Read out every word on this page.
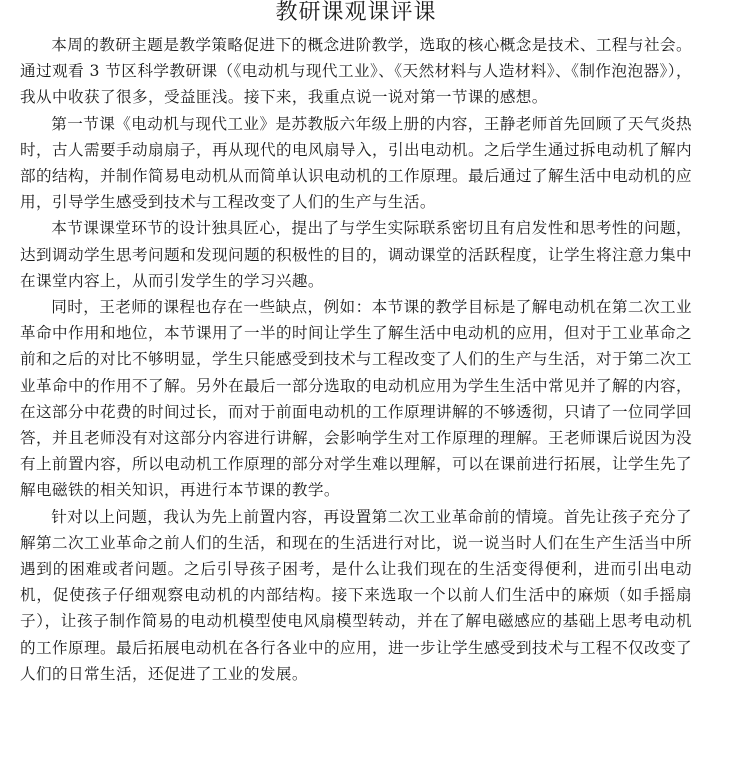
教研课观课评课

本周的教研主题是教学策略促进下的概念进阶教学，选取的核心概念是技术、工程与社会。通过观看 3 节区科学教研课（《电动机与现代工业》、《天然材料与人造材料》、《制作泡泡器》），我从中收获了很多，受益匪浅。接下来，我重点说一说对第一节课的感想。

第一节课《电动机与现代工业》是苏教版六年级上册的内容，王静老师首先回顾了天气炎热时，古人需要手动扇扇子，再从现代的电风扇导入，引出电动机。之后学生通过拆电动机了解内部的结构，并制作简易电动机从而简单认识电动机的工作原理。最后通过了解生活中电动机的应用，引导学生感受到技术与工程改变了人们的生产与生活。

本节课课堂环节的设计独具匠心，提出了与学生实际联系密切且有启发性和思考性的问题，达到调动学生思考问题和发现问题的积极性的目的，调动课堂的活跃程度，让学生将注意力集中在课堂内容上，从而引发学生的学习兴趣。

同时，王老师的课程也存在一些缺点，例如：本节课的教学目标是了解电动机在第二次工业革命中作用和地位，本节课用了一半的时间让学生了解生活中电动机的应用，但对于工业革命之前和之后的对比不够明显，学生只能感受到技术与工程改变了人们的生产与生活，对于第二次工业革命中的作用不了解。另外在最后一部分选取的电动机应用为学生生活中常见并了解的内容，在这部分中花费的时间过长，而对于前面电动机的工作原理讲解的不够透彻，只请了一位同学回答，并且老师没有对这部分内容进行讲解，会影响学生对工作原理的理解。王老师课后说因为没有上前置内容，所以电动机工作原理的部分对学生难以理解，可以在课前进行拓展，让学生先了解电磁铁的相关知识，再进行本节课的教学。

针对以上问题，我认为先上前置内容，再设置第二次工业革命前的情境。首先让孩子充分了解第二次工业革命之前人们的生活，和现在的生活进行对比，说一说当时人们在生产生活当中所遇到的困难或者问题。之后引导孩子困考，是什么让我们现在的生活变得便利，进而引出电动机，促使孩子仔细观察电动机的内部结构。接下来选取一个以前人们生活中的麻烦（如手摇扇子），让孩子制作简易的电动机模型使电风扇模型转动，并在了解电磁感应的基础上思考电动机的工作原理。最后拓展电动机在各行各业中的应用，进一步让学生感受到技术与工程不仅改变了人们的日常生活，还促进了工业的发展。
